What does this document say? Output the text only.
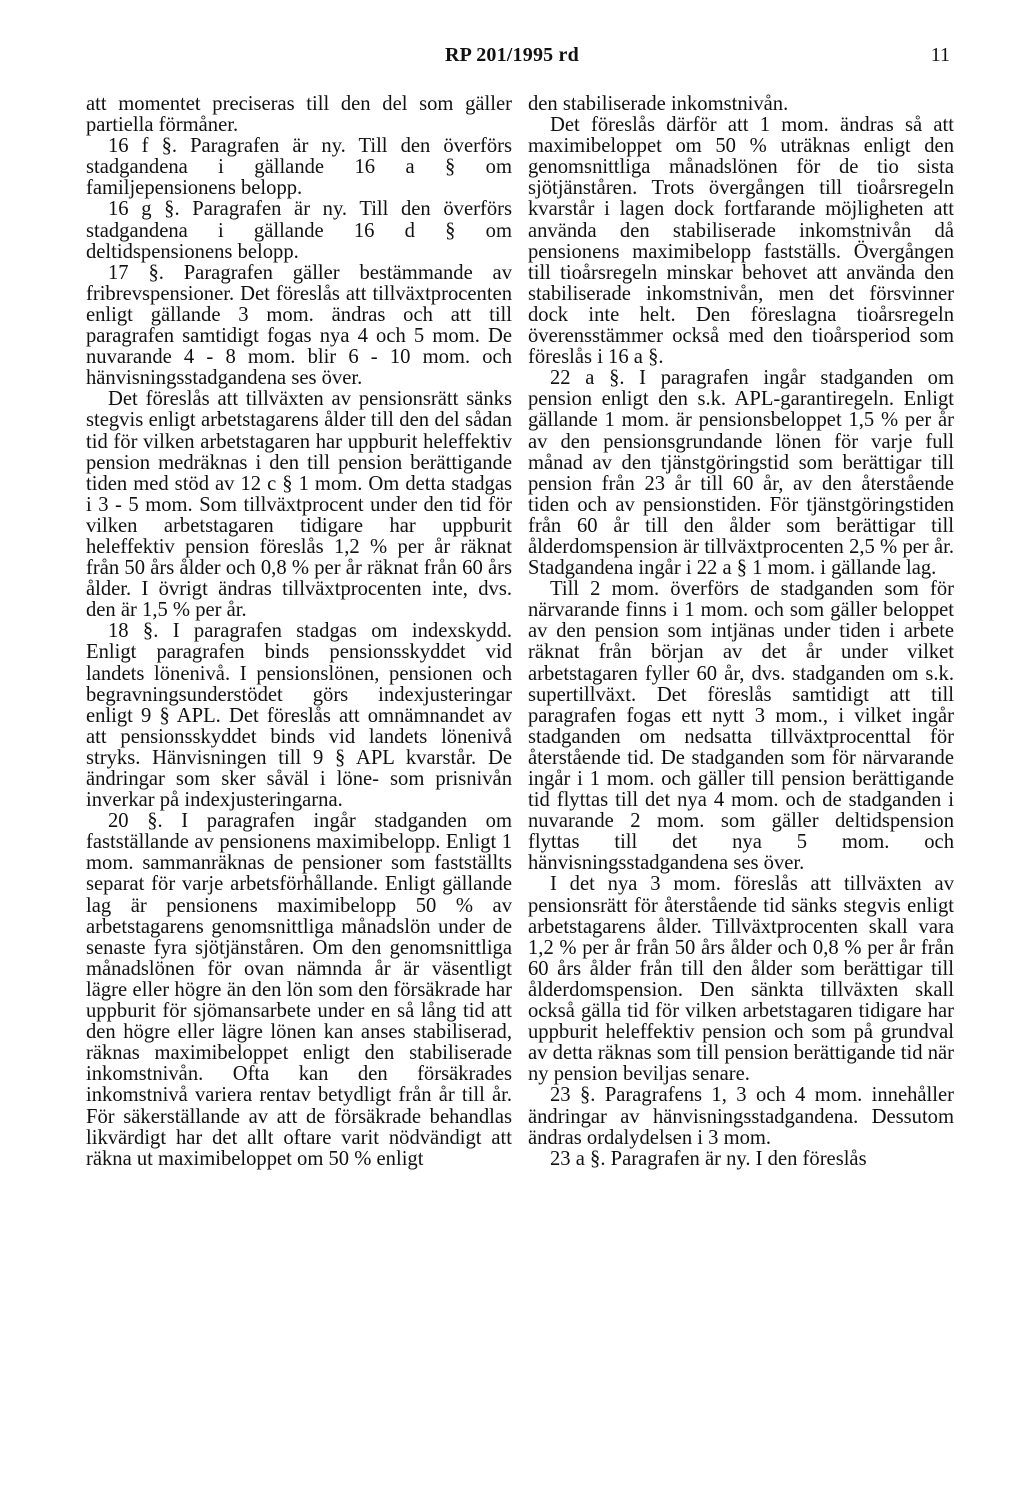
RP 201/1995 rd	11

att momentet preciseras till den del som gäller partiella förmåner.

16 f §. Paragrafen är ny. Till den överförs stadgandena i gällande 16 a § om familjepensionens belopp.

16 g §. Paragrafen är ny. Till den överförs stadgandena i gällande 16 d § om deltidspensionens belopp.

17 §. Paragrafen gäller bestämmande av fribrevspensioner. Det föreslås att tillväxtprocenten enligt gällande 3 mom. ändras och att till paragrafen samtidigt fogas nya 4 och 5 mom. De nuvarande 4 - 8 mom. blir 6 - 10 mom. och hänvisningsstadgandena ses över.

Det föreslås att tillväxten av pensionsrätt sänks stegvis enligt arbetstagarens ålder till den del sådan tid för vilken arbetstagaren har uppburit heleffektiv pension medräknas i den till pension berättigande tiden med stöd av 12 c § 1 mom. Om detta stadgas i 3 - 5 mom. Som tillväxtprocent under den tid för vilken arbetstagaren tidigare har uppburit heleffektiv pension föreslås 1,2 % per år räknat från 50 års ålder och 0,8 % per år räknat från 60 års ålder. I övrigt ändras tillväxtprocenten inte, dvs. den är 1,5 % per år.

18 §. I paragrafen stadgas om indexskydd. Enligt paragrafen binds pensionsskyddet vid landets lönenivå. I pensionslönen, pensionen och begravningsunderstödet görs indexjusteringar enligt 9 § APL. Det föreslås att omnämnandet av att pensionsskyddet binds vid landets lönenivå stryks. Hänvisningen till 9 § APL kvarstår. De ändringar som sker såväl i löne- som prisnivån inverkar på indexjusteringarna.

20 §. I paragrafen ingår stadganden om fastställande av pensionens maximibelopp. Enligt 1 mom. sammanräknas de pensioner som fastställts separat för varje arbetsförhållande. Enligt gällande lag är pensionens maximibelopp 50 % av arbetstagarens genomsnittliga månadslön under de senaste fyra sjötjänståren. Om den genomsnittliga månadslönen för ovan nämnda år är väsentligt lägre eller högre än den lön som den försäkrade har uppburit för sjömansarbete under en så lång tid att den högre eller lägre lönen kan anses stabiliserad, räknas maximibeloppet enligt den stabiliserade inkomstnivån. Ofta kan den försäkrades inkomstnivå variera rentav betydligt från år till år. För säkerställande av att de försäkrade behandlas likvärdigt har det allt oftare varit nödvändigt att räkna ut maximibeloppet om 50 % enligt

den stabiliserade inkomstnivån.

Det föreslås därför att 1 mom. ändras så att maximibeloppet om 50 % uträknas enligt den genomsnittliga månadslönen för de tio sista sjötjänståren. Trots övergången till tioårsregeln kvarstår i lagen dock fortfarande möjligheten att använda den stabiliserade inkomstnivån då pensionens maximibelopp fastställs. Övergången till tioårsregeln minskar behovet att använda den stabiliserade inkomstnivån, men det försvinner dock inte helt. Den föreslagna tioårsregeln överensstämmer också med den tioårsperiod som föreslås i 16 a §.

22 a §. I paragrafen ingår stadganden om pension enligt den s.k. APL-garantiregeln. Enligt gällande 1 mom. är pensionsbeloppet 1,5 % per år av den pensionsgrundande lönen för varje full månad av den tjänstgöringstid som berättigar till pension från 23 år till 60 år, av den återstående tiden och av pensionstiden. För tjänstgöringstiden från 60 år till den ålder som berättigar till ålderdomspension är tillväxtprocenten 2,5 % per år. Stadgandena ingår i 22 a § 1 mom. i gällande lag.

Till 2 mom. överförs de stadganden som för närvarande finns i 1 mom. och som gäller beloppet av den pension som intjänas under tiden i arbete räknat från början av det år under vilket arbetstagaren fyller 60 år, dvs. stadganden om s.k. supertillväxt. Det föreslås samtidigt att till paragrafen fogas ett nytt 3 mom., i vilket ingår stadganden om nedsatta tillväxtprocenttal för återstående tid. De stadganden som för närvarande ingår i 1 mom. och gäller till pension berättigande tid flyttas till det nya 4 mom. och de stadganden i nuvarande 2 mom. som gäller deltidspension flyttas till det nya 5 mom. och hänvisningsstadgandena ses över.

I det nya 3 mom. föreslås att tillväxten av pensionsrätt för återstående tid sänks stegvis enligt arbetstagarens ålder. Tillväxtprocenten skall vara 1,2 % per år från 50 års ålder och 0,8 % per år från 60 års ålder från till den ålder som berättigar till ålderdomspension. Den sänkta tillväxten skall också gälla tid för vilken arbetstagaren tidigare har uppburit heleffektiv pension och som på grundval av detta räknas som till pension berättigande tid när ny pension beviljas senare.

23 §. Paragrafens 1, 3 och 4 mom. innehåller ändringar av hänvisningsstadgandena. Dessutom ändras ordalydelsen i 3 mom.

23 a §. Paragrafen är ny. I den föreslås
